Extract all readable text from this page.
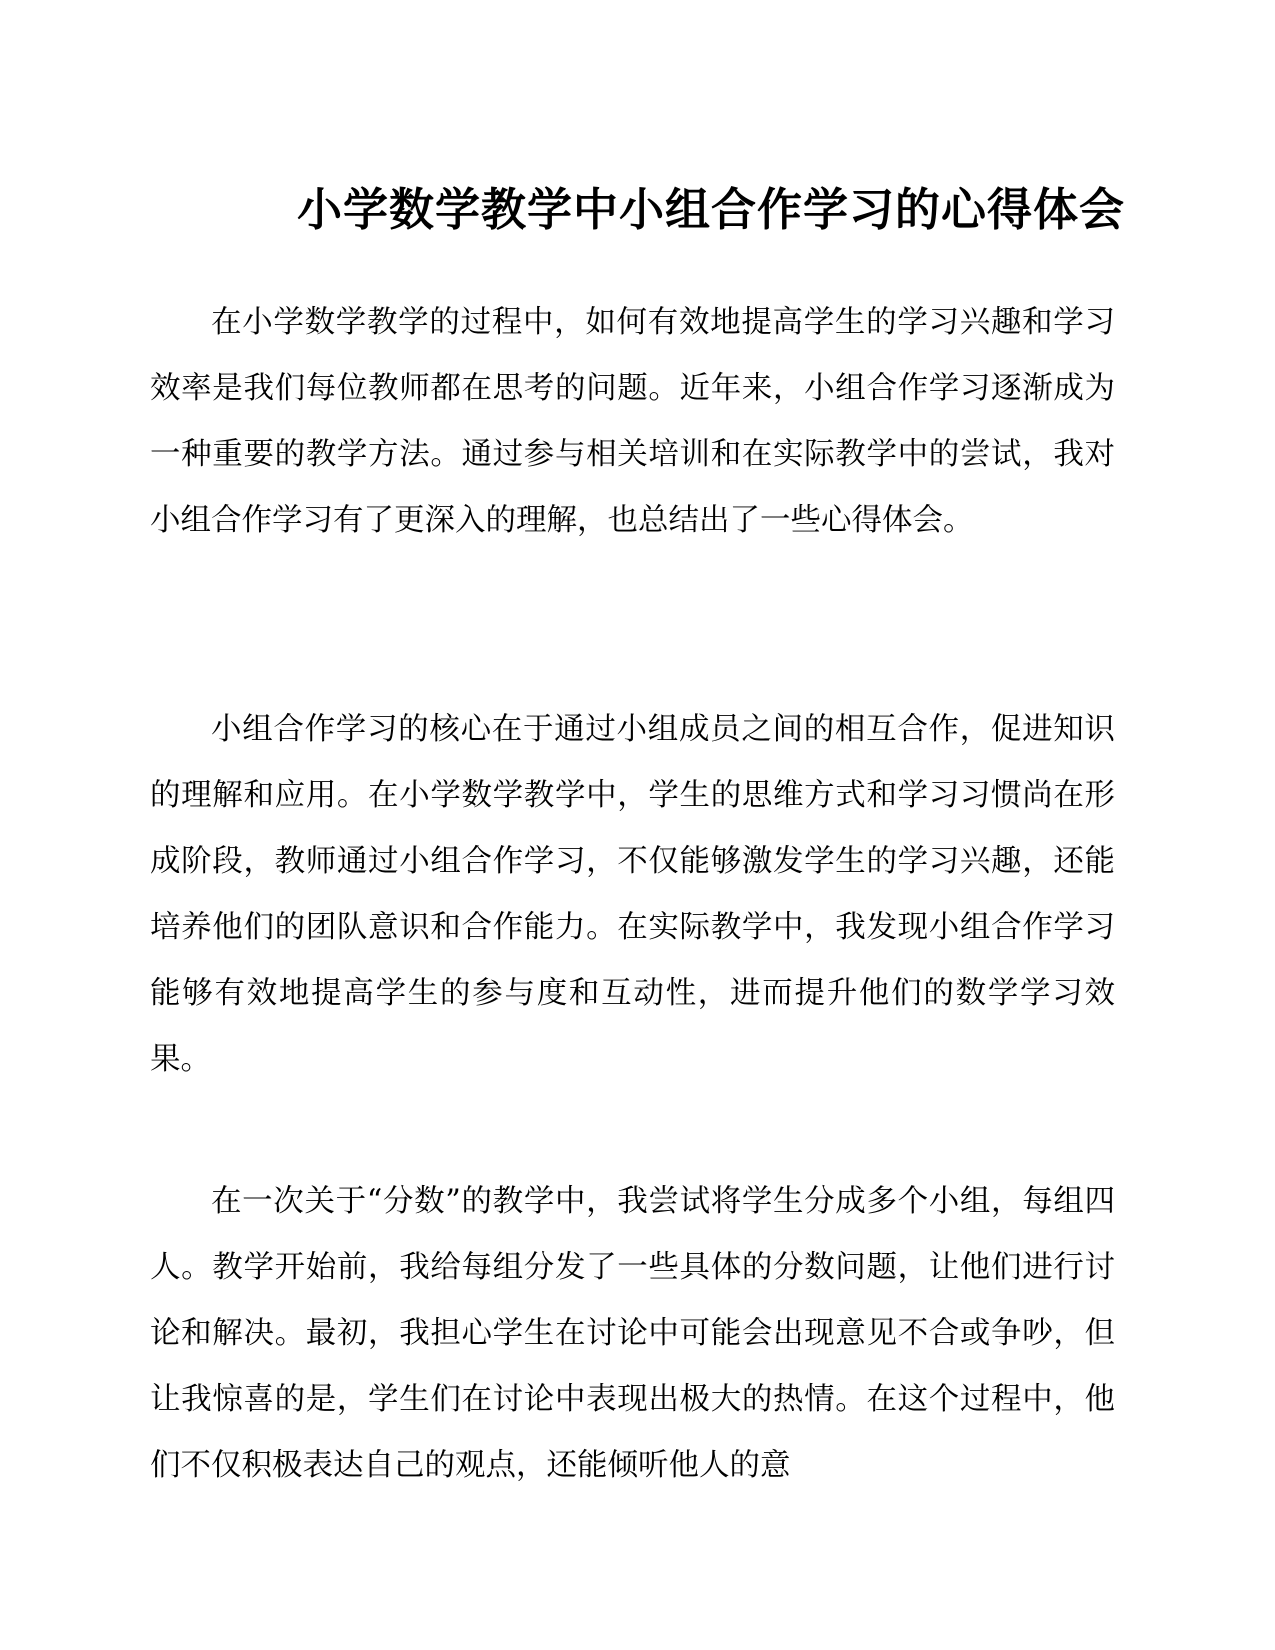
小学数学教学中小组合作学习的心得体会

在小学数学教学的过程中，如何有效地提高学生的学习兴趣和学习效率是我们每位教师都在思考的问题。近年来，小组合作学习逐渐成为一种重要的教学方法。通过参与相关培训和在实际教学中的尝试，我对小组合作学习有了更深入的理解，也总结出了一些心得体会。

小组合作学习的核心在于通过小组成员之间的相互合作，促进知识的理解和应用。在小学数学教学中，学生的思维方式和学习习惯尚在形成阶段，教师通过小组合作学习，不仅能够激发学生的学习兴趣，还能培养他们的团队意识和合作能力。在实际教学中，我发现小组合作学习能够有效地提高学生的参与度和互动性，进而提升他们的数学学习效果。

在一次关于“分数”的教学中，我尝试将学生分成多个小组，每组四人。教学开始前，我给每组分发了一些具体的分数问题，让他们进行讨论和解决。最初，我担心学生在讨论中可能会出现意见不合或争吵，但让我惊喜的是，学生们在讨论中表现出极大的热情。在这个过程中，他们不仅积极表达自己的观点，还能倾听他人的意
